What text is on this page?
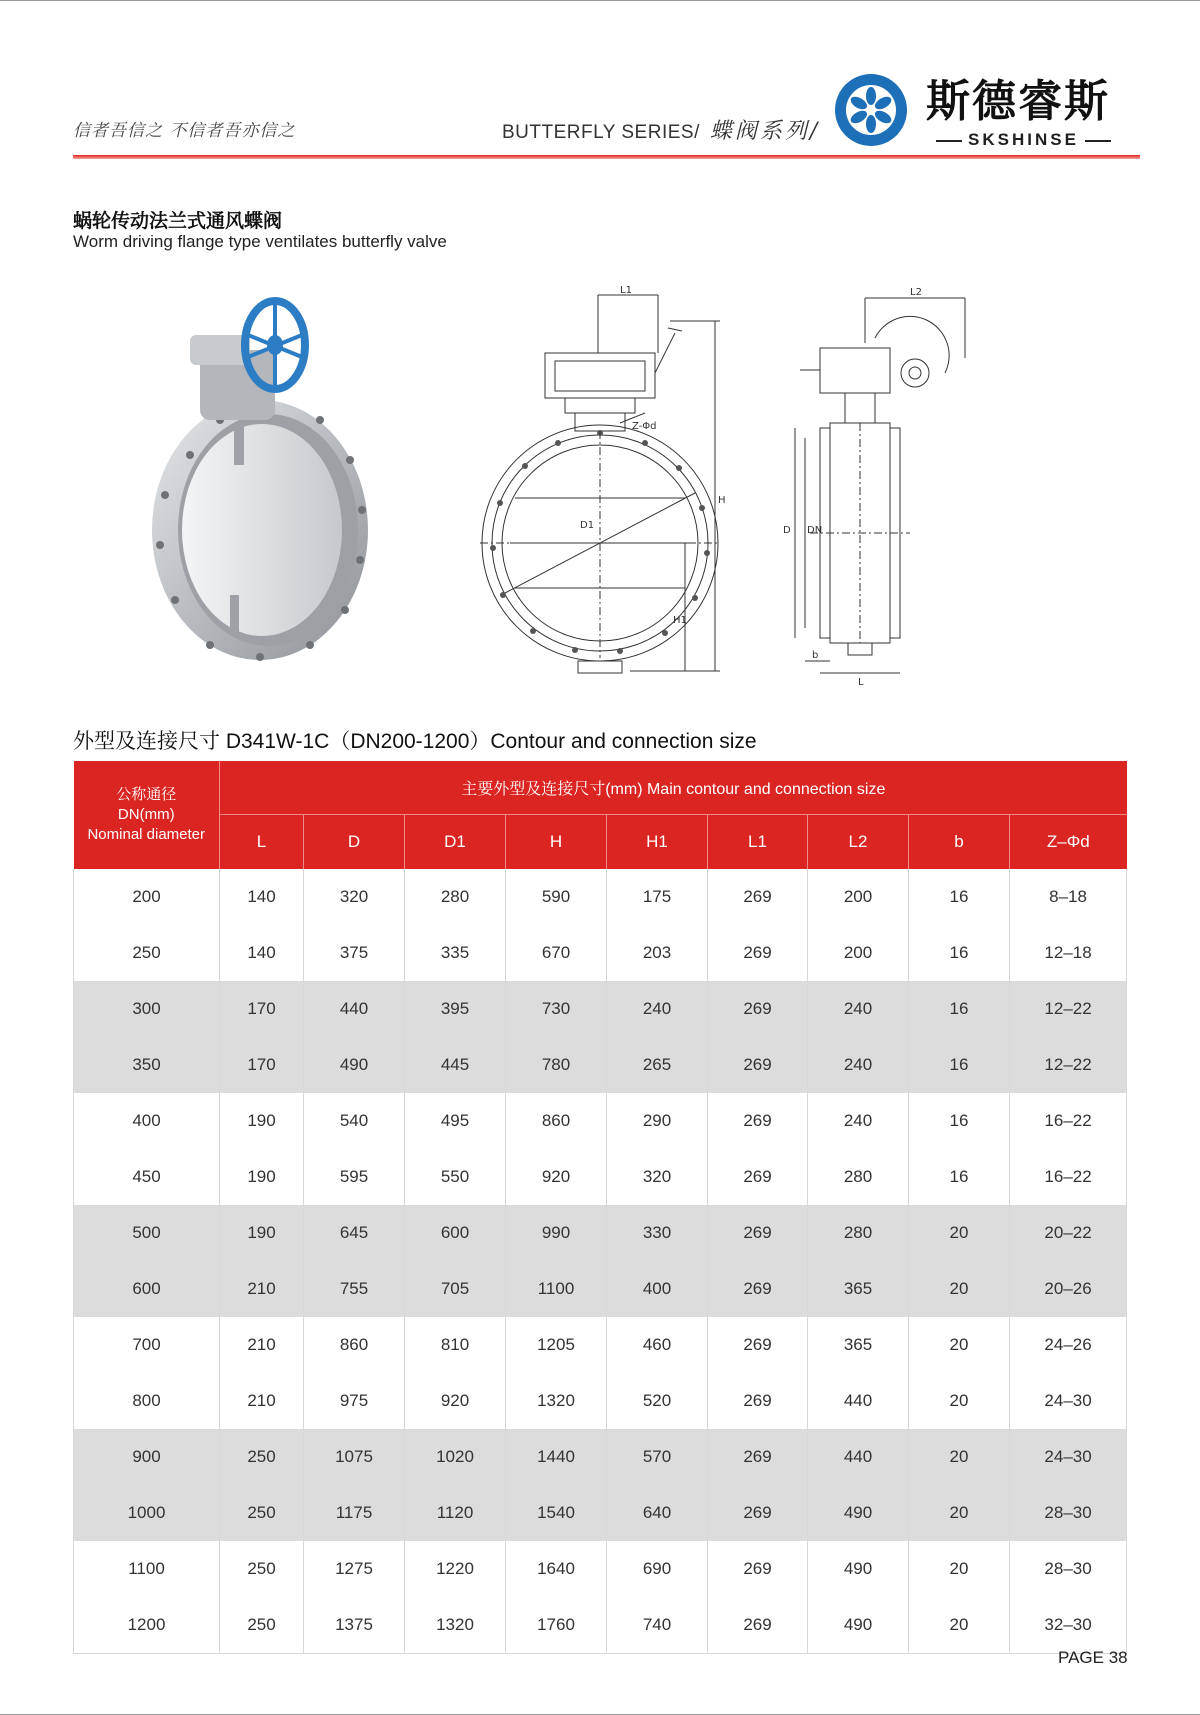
信者吾信之 不信者吾亦信之	BUTTERFLY SERIES/ 蝶阀系列/
斯德睿斯
SKSHINSE
蜗轮传动法兰式通风蝶阀
Worm driving flange type ventilates butterfly valve
L1
Z-Φd
H
D1
H1
L2
D DN
b
L
外型及连接尺寸 D341W-1C（DN200-1200）Contour and connection size
公称通径
DN(mm)
Nominal diameter	主要外型及连接尺寸(mm) Main contour and connection size								
	L	D	D1	H	H1	L1	L2	b	Z–Φd
200	140	320	280	590	175	269	200	16	8–18
250	140	375	335	670	203	269	200	16	12–18
300	170	440	395	730	240	269	240	16	12–22
350	170	490	445	780	265	269	240	16	12–22
400	190	540	495	860	290	269	240	16	16–22
450	190	595	550	920	320	269	280	16	16–22
500	190	645	600	990	330	269	280	20	20–22
600	210	755	705	1100	400	269	365	20	20–26
700	210	860	810	1205	460	269	365	20	24–26
800	210	975	920	1320	520	269	440	20	24–30
900	250	1075	1020	1440	570	269	440	20	24–30
1000	250	1175	1120	1540	640	269	490	20	28–30
1100	250	1275	1220	1640	690	269	490	20	28–30
1200	250	1375	1320	1760	740	269	490	20	32–30
PAGE 38
